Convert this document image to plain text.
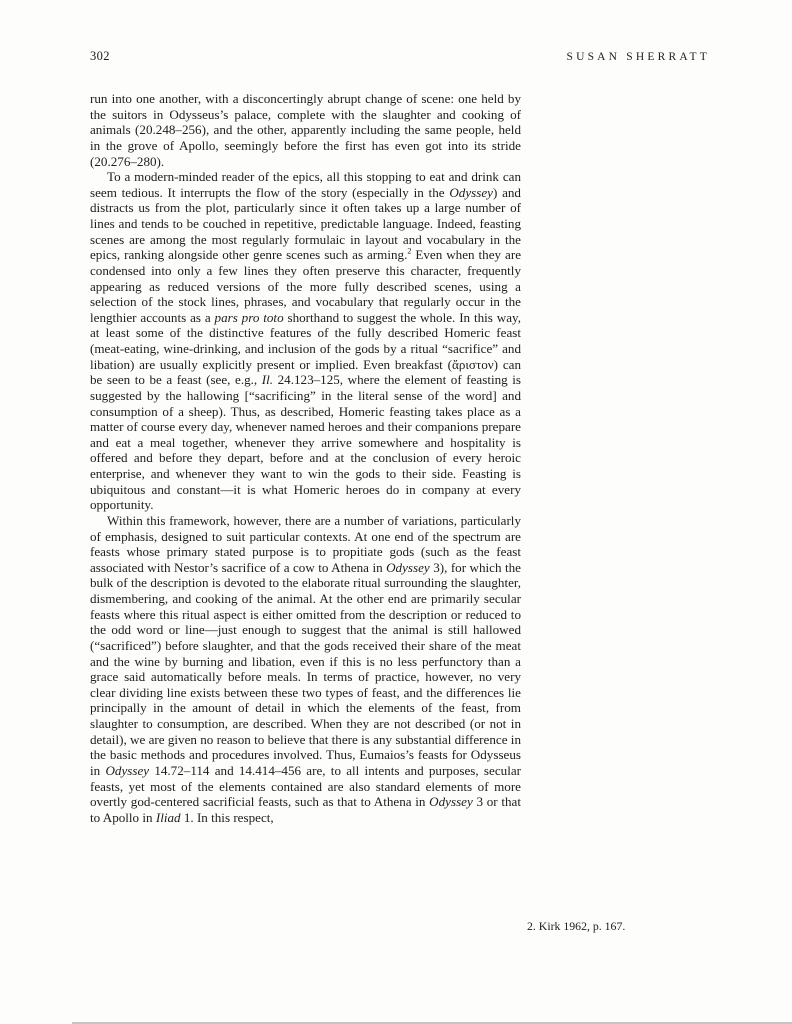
302	SUSAN SHERRATT

run into one another, with a disconcertingly abrupt change of scene: one held by the suitors in Odysseus’s palace, complete with the slaughter and cooking of animals (20.248–256), and the other, apparently including the same people, held in the grove of Apollo, seemingly before the first has even got into its stride (20.276–280).

To a modern-minded reader of the epics, all this stopping to eat and drink can seem tedious. It interrupts the flow of the story (especially in the Odyssey) and distracts us from the plot, particularly since it often takes up a large number of lines and tends to be couched in repetitive, predictable language. Indeed, feasting scenes are among the most regularly formulaic in layout and vocabulary in the epics, ranking alongside other genre scenes such as arming.$^2$ Even when they are condensed into only a few lines they often preserve this character, frequently appearing as reduced versions of the more fully described scenes, using a selection of the stock lines, phrases, and vocabulary that regularly occur in the lengthier accounts as a pars pro toto shorthand to suggest the whole. In this way, at least some of the distinctive features of the fully described Homeric feast (meat-eating, wine-drinking, and inclusion of the gods by a ritual “sacrifice” and libation) are usually explicitly present or implied. Even breakfast (ἄριστον) can be seen to be a feast (see, e.g., Il. 24.123–125, where the element of feasting is suggested by the hallowing [“sacrificing” in the literal sense of the word] and consumption of a sheep). Thus, as described, Homeric feasting takes place as a matter of course every day, whenever named heroes and their companions prepare and eat a meal together, whenever they arrive somewhere and hospitality is offered and before they depart, before and at the conclusion of every heroic enterprise, and whenever they want to win the gods to their side. Feasting is ubiquitous and constant—it is what Homeric heroes do in company at every opportunity.

Within this framework, however, there are a number of variations, particularly of emphasis, designed to suit particular contexts. At one end of the spectrum are feasts whose primary stated purpose is to propitiate gods (such as the feast associated with Nestor’s sacrifice of a cow to Athena in Odyssey 3), for which the bulk of the description is devoted to the elaborate ritual surrounding the slaughter, dismembering, and cooking of the animal. At the other end are primarily secular feasts where this ritual aspect is either omitted from the description or reduced to the odd word or line—just enough to suggest that the animal is still hallowed (“sacrificed”) before slaughter, and that the gods received their share of the meat and the wine by burning and libation, even if this is no less perfunctory than a grace said automatically before meals. In terms of practice, however, no very clear dividing line exists between these two types of feast, and the differences lie principally in the amount of detail in which the elements of the feast, from slaughter to consumption, are described. When they are not described (or not in detail), we are given no reason to believe that there is any substantial difference in the basic methods and procedures involved. Thus, Eumaios’s feasts for Odysseus in Odyssey 14.72–114 and 14.414–456 are, to all intents and purposes, secular feasts, yet most of the elements contained are also standard elements of more overtly god-centered sacrificial feasts, such as that to Athena in Odyssey 3 or that to Apollo in Iliad 1. In this respect,

2. Kirk 1962, p. 167.
